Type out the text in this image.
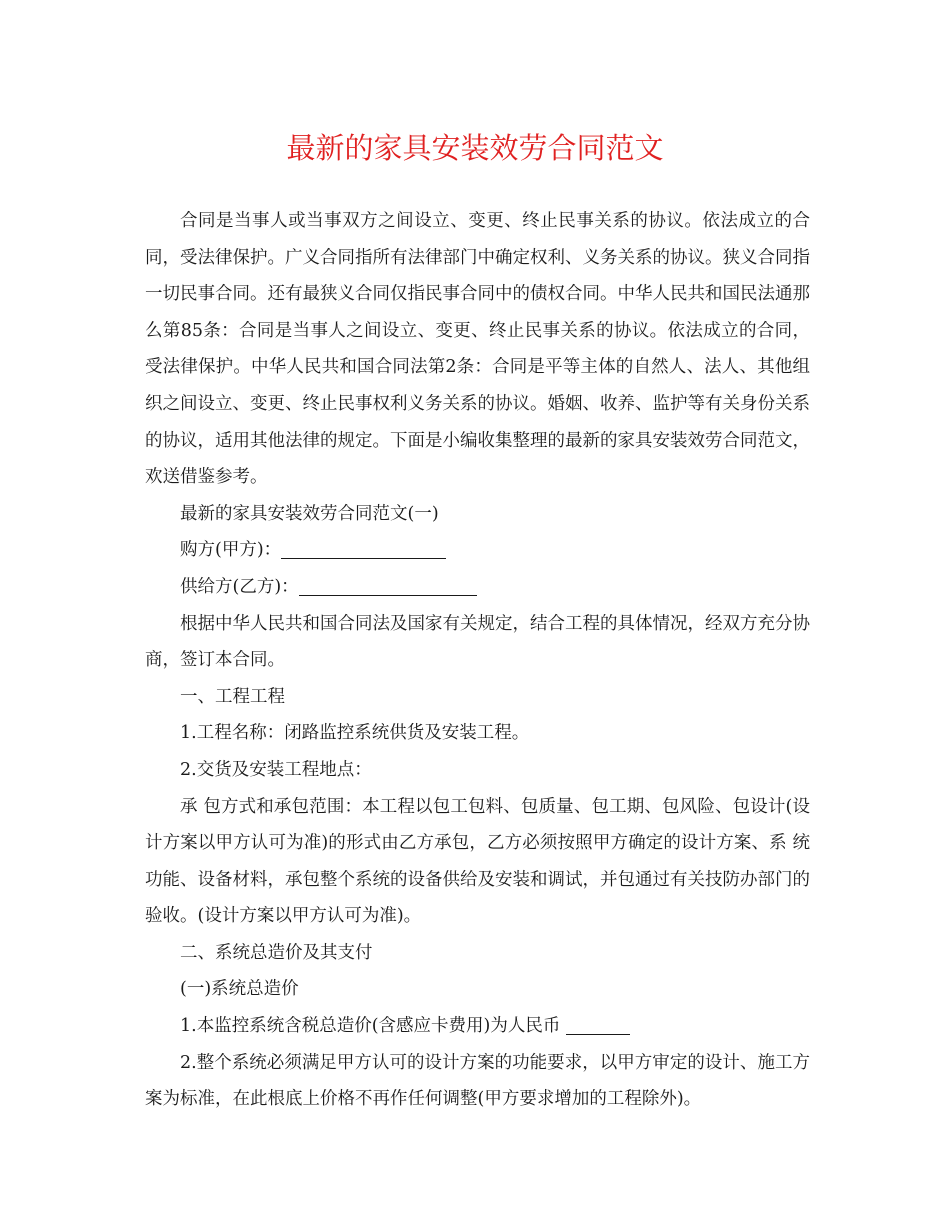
最新的家具安装效劳合同范文

合同是当事人或当事双方之间设立、变更、终止民事关系的协议。依法成立的合同，受法律保护。广义合同指所有法律部门中确定权利、义务关系的协议。狭义合同指一切民事合同。还有最狭义合同仅指民事合同中的债权合同。中华人民共和国民法通那么第85条：合同是当事人之间设立、变更、终止民事关系的协议。依法成立的合同，受法律保护。中华人民共和国合同法第2条：合同是平等主体的自然人、法人、其他组织之间设立、变更、终止民事权利义务关系的协议。婚姻、收养、监护等有关身份关系的协议，适用其他法律的规定。下面是小编收集整理的最新的家具安装效劳合同范文，欢送借鉴参考。

最新的家具安装效劳合同范文(一)

购方(甲方)：

供给方(乙方)：

根据中华人民共和国合同法及国家有关规定，结合工程的具体情况，经双方充分协商，签订本合同。

一、工程工程

1.工程名称：闭路监控系统供货及安装工程。

2.交货及安装工程地点：

承 包方式和承包范围：本工程以包工包料、包质量、包工期、包风险、包设计(设计方案以甲方认可为准)的形式由乙方承包，乙方必须按照甲方确定的设计方案、系 统功能、设备材料，承包整个系统的设备供给及安装和调试，并包通过有关技防办部门的验收。(设计方案以甲方认可为准)。

二、系统总造价及其支付

(一)系统总造价

1.本监控系统含税总造价(含感应卡费用)为人民币

2.整个系统必须满足甲方认可的设计方案的功能要求，以甲方审定的设计、施工方案为标准，在此根底上价格不再作任何调整(甲方要求增加的工程除外)。
